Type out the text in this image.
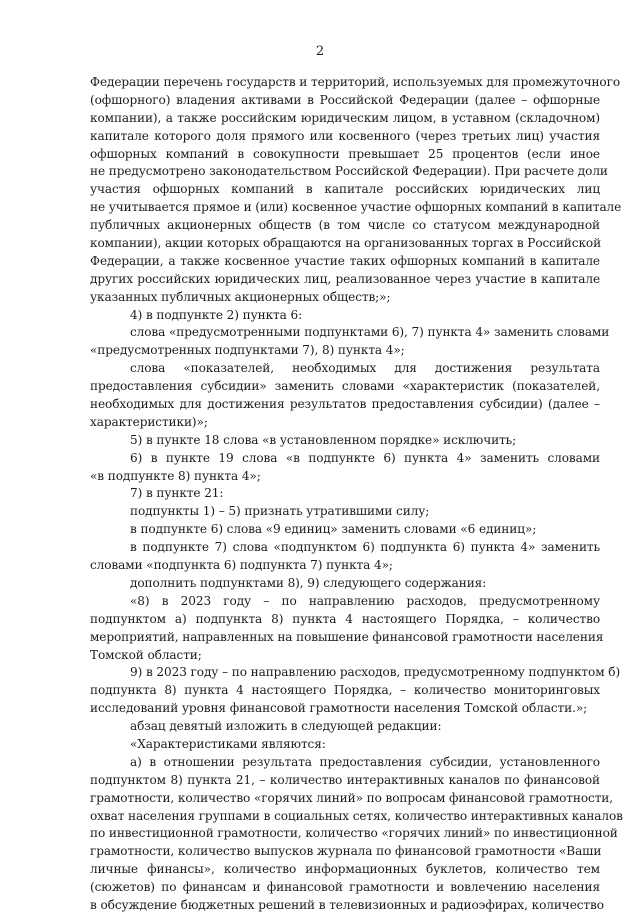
2
Федерации перечень государств и территорий, используемых для промежуточного
(офшорного) владения активами в Российской Федерации (далее – офшорные
компании), а также российским юридическим лицом, в уставном (складочном)
капитале которого доля прямого или косвенного (через третьих лиц) участия
офшорных компаний в совокупности превышает 25 процентов (если иное
не предусмотрено законодательством Российской Федерации). При расчете доли
участия офшорных компаний в капитале российских юридических лиц
не учитывается прямое и (или) косвенное участие офшорных компаний в капитале
публичных акционерных обществ (в том числе со статусом международной
компании), акции которых обращаются на организованных торгах в Российской
Федерации, а также косвенное участие таких офшорных компаний в капитале
других российских юридических лиц, реализованное через участие в капитале
указанных публичных акционерных обществ;»;
4) в подпункте 2) пункта 6:
слова «предусмотренными подпунктами 6), 7) пункта 4» заменить словами
«предусмотренных подпунктами 7), 8) пункта 4»;
слова «показателей, необходимых для достижения результата
предоставления субсидии» заменить словами «характеристик (показателей,
необходимых для достижения результатов предоставления субсидии) (далее –
характеристики)»;
5) в пункте 18 слова «в установленном порядке» исключить;
6) в пункте 19 слова «в подпункте 6) пункта 4» заменить словами
«в подпункте 8) пункта 4»;
7) в пункте 21:
подпункты 1) – 5) признать утратившими силу;
в подпункте 6) слова «9 единиц» заменить словами «6 единиц»;
в подпункте 7) слова «подпунктом 6) подпункта 6) пункта 4» заменить
словами «подпункта 6) подпункта 7) пункта 4»;
дополнить подпунктами 8), 9) следующего содержания:
«8) в 2023 году – по направлению расходов, предусмотренному
подпунктом а) подпункта 8) пункта 4 настоящего Порядка, – количество
мероприятий, направленных на повышение финансовой грамотности населения
Томской области;
9) в 2023 году – по направлению расходов, предусмотренному подпунктом б)
подпункта 8) пункта 4 настоящего Порядка, – количество мониторинговых
исследований уровня финансовой грамотности населения Томской области.»;
абзац девятый изложить в следующей редакции:
«Характеристиками являются:
а) в отношении результата предоставления субсидии, установленного
подпунктом 8) пункта 21, – количество интерактивных каналов по финансовой
грамотности, количество «горячих линий» по вопросам финансовой грамотности,
охват населения группами в социальных сетях, количество интерактивных каналов
по инвестиционной грамотности, количество «горячих линий» по инвестиционной
грамотности, количество выпусков журнала по финансовой грамотности «Ваши
личные финансы», количество информационных буклетов, количество тем
(сюжетов) по финансам и финансовой грамотности и вовлечению населения
в обсуждение бюджетных решений в телевизионных и радиоэфирах, количество
